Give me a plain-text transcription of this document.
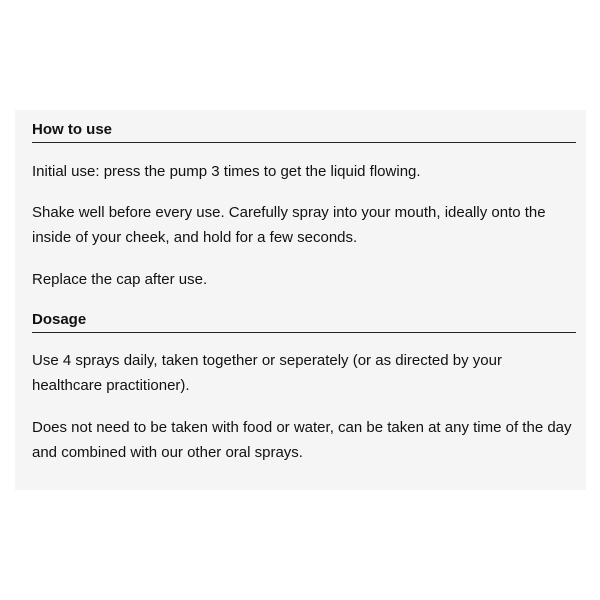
How to use

Initial use: press the pump 3 times to get the liquid flowing.

Shake well before every use. Carefully spray into your mouth, ideally onto the inside of your cheek, and hold for a few seconds.

Replace the cap after use.

Dosage

Use 4 sprays daily, taken together or seperately (or as directed by your healthcare practitioner).

Does not need to be taken with food or water, can be taken at any time of the day and combined with our other oral sprays.
